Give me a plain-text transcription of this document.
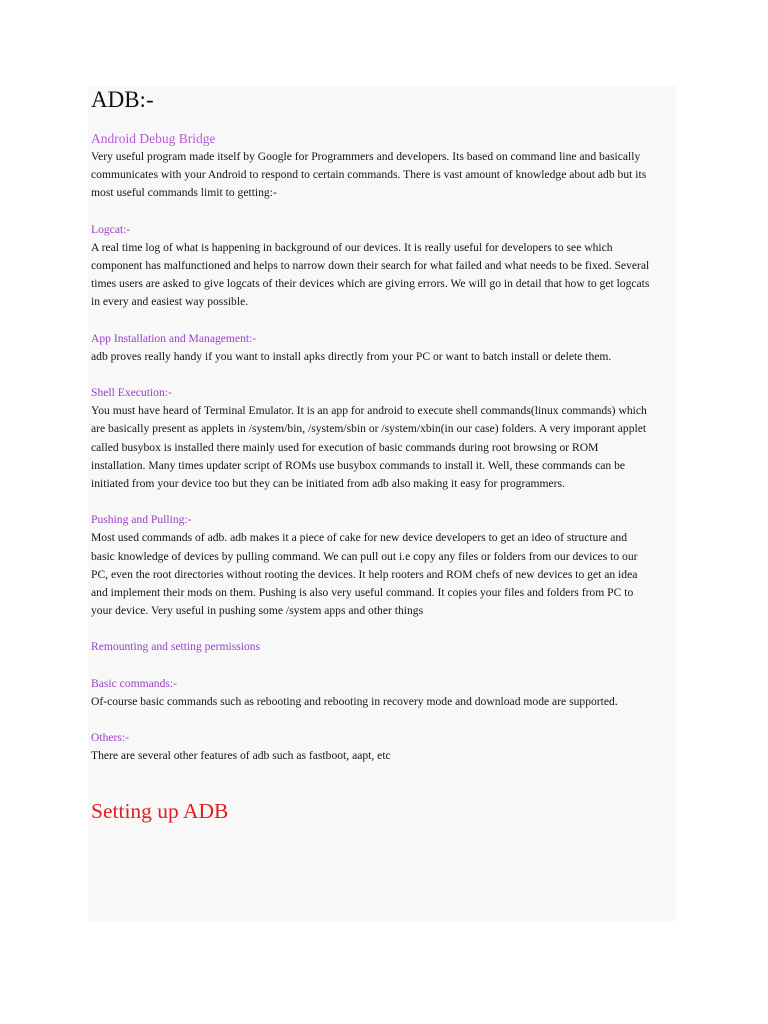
ADB:-
Android Debug Bridge

Very useful program made itself by Google for Programmers and developers. Its based on command line and basically communicates with your Android to respond to certain commands. There is vast amount of knowledge about adb but its most useful commands limit to getting:-

Logcat:-

A real time log of what is happening in background of our devices. It is really useful for developers to see which component has malfunctioned and helps to narrow down their search for what failed and what needs to be fixed. Several times users are asked to give logcats of their devices which are giving errors. We will go in detail that how to get logcats in every and easiest way possible.

App Installation and Management:-

adb proves really handy if you want to install apks directly from your PC or want to batch install or delete them.

Shell Execution:-

You must have heard of Terminal Emulator. It is an app for android to execute shell commands(linux commands) which are basically present as applets in /system/bin, /system/sbin or /system/xbin(in our case) folders. A very imporant applet called busybox is installed there mainly used for execution of basic commands during root browsing or ROM installation. Many times updater script of ROMs use busybox commands to install it. Well, these commands can be initiated from your device too but they can be initiated from adb also making it easy for programmers.

Pushing and Pulling:-

Most used commands of adb. adb makes it a piece of cake for new device developers to get an ideo of structure and basic knowledge of devices by pulling command. We can pull out i.e copy any files or folders from our devices to our PC, even the root directories without rooting the devices. It help rooters and ROM chefs of new devices to get an idea and implement their mods on them. Pushing is also very useful command. It copies your files and folders from PC to your device. Very useful in pushing some /system apps and other things

Remounting and setting permissions
Basic commands:-

Of-course basic commands such as rebooting and rebooting in recovery mode and download mode are supported.

Others:-

There are several other features of adb such as fastboot, aapt, etc

Setting up ADB
